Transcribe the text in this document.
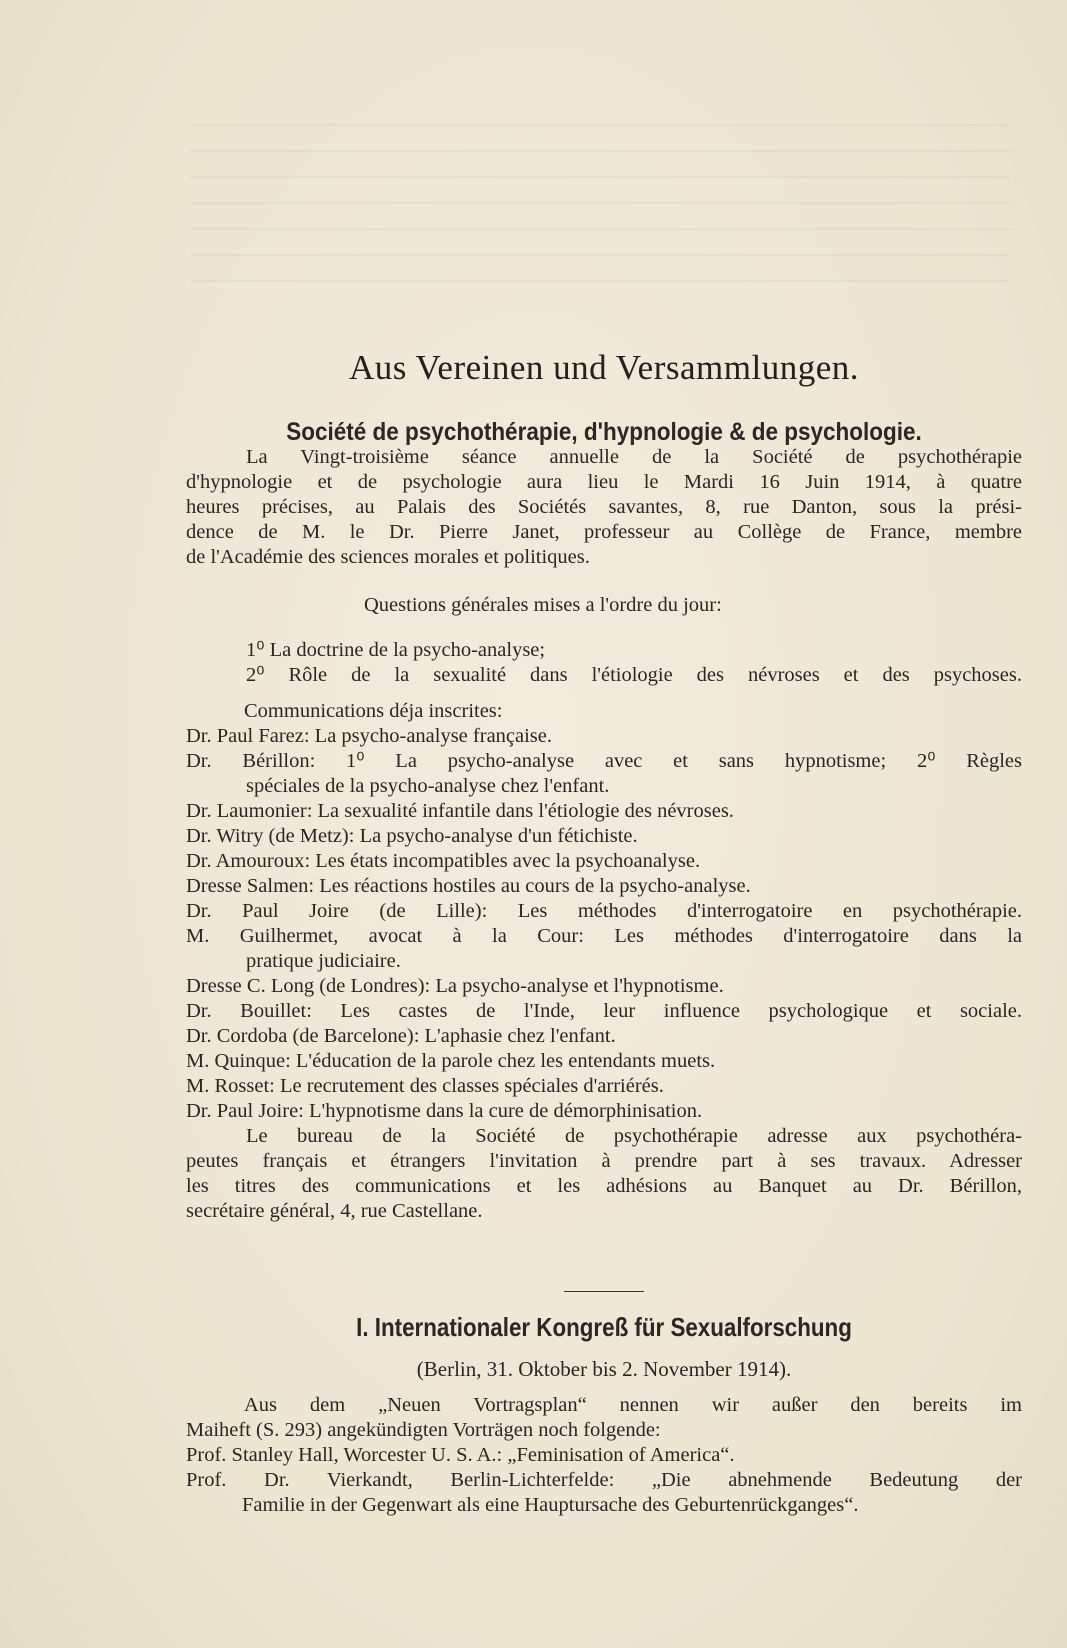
Aus Vereinen und Versammlungen.
Société de psychothérapie, d'hypnologie & de psychologie.
La Vingt-troisième séance annuelle de la Société de psychothérapie
d'hypnologie et de psychologie aura lieu le Mardi 16 Juin 1914, à quatre
heures précises, au Palais des Sociétés savantes, 8, rue Danton, sous la prési-
dence de M. le Dr. Pierre Janet, professeur au Collège de France, membre
de l'Académie des sciences morales et politiques.
Questions générales mises a l'ordre du jour:
1⁰ La doctrine de la psycho-analyse;
2⁰ Rôle de la sexualité dans l'étiologie des névroses et des psychoses.
Communications déja inscrites:
Dr. Paul Farez: La psycho-analyse française.
Dr. Bérillon: 1⁰ La psycho-analyse avec et sans hypnotisme; 2⁰ Règles
spéciales de la psycho-analyse chez l'enfant.
Dr. Laumonier: La sexualité infantile dans l'étiologie des névroses.
Dr. Witry (de Metz): La psycho-analyse d'un fétichiste.
Dr. Amouroux: Les états incompatibles avec la psychoanalyse.
Dresse Salmen: Les réactions hostiles au cours de la psycho-analyse.
Dr. Paul Joire (de Lille): Les méthodes d'interrogatoire en psychothérapie.
M. Guilhermet, avocat à la Cour: Les méthodes d'interrogatoire dans la
pratique judiciaire.
Dresse C. Long (de Londres): La psycho-analyse et l'hypnotisme.
Dr. Bouillet: Les castes de l'Inde, leur influence psychologique et sociale.
Dr. Cordoba (de Barcelone): L'aphasie chez l'enfant.
M. Quinque: L'éducation de la parole chez les entendants muets.
M. Rosset: Le recrutement des classes spéciales d'arriérés.
Dr. Paul Joire: L'hypnotisme dans la cure de démorphinisation.
Le bureau de la Société de psychothérapie adresse aux psychothéra-
peutes français et étrangers l'invitation à prendre part à ses travaux. Adresser
les titres des communications et les adhésions au Banquet au Dr. Bérillon,
secrétaire général, 4, rue Castellane.
I. Internationaler Kongreß für Sexualforschung
(Berlin, 31. Oktober bis 2. November 1914).
Aus dem „Neuen Vortragsplan“ nennen wir außer den bereits im
Maiheft (S. 293) angekündigten Vorträgen noch folgende:
Prof. Stanley Hall, Worcester U. S. A.: „Feminisation of America“.
Prof. Dr. Vierkandt, Berlin-Lichterfelde: „Die abnehmende Bedeutung der
Familie in der Gegenwart als eine Hauptursache des Geburtenrückganges“.
